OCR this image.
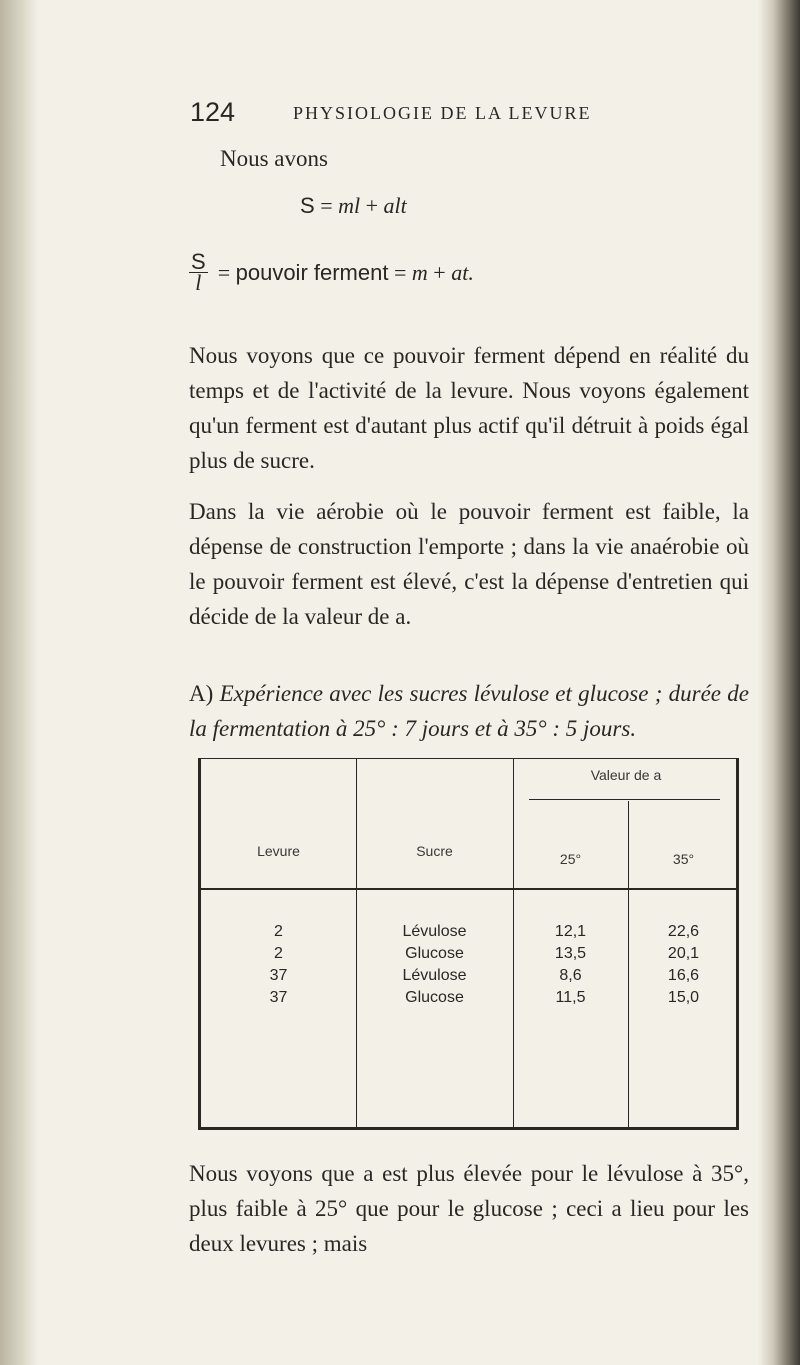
124	PHYSIOLOGIE DE LA LEVURE
Nous avons
S = ml + alt
$\frac{S}{l}$ =
pouvoir ferment
=
m
+
at.

Nous voyons que ce pouvoir ferment dépend en réalité du temps et de l'activité de la levure. Nous voyons également qu'un ferment est d'autant plus actif qu'il détruit à poids égal plus de sucre.

Dans la vie aérobie où le pouvoir ferment est faible, la dépense de construction l'emporte ; dans la vie anaérobie où le pouvoir ferment est élevé, c'est la dépense d'entretien qui décide de la valeur de a.

A) Expérience avec les sucres lévulose et glucose ; durée de la fermentation à 25° : 7 jours et à 35° : 5 jours.

Levure	Sucre
Valeur de a
25°	35°
2	Lévulose	12,1	22,6
2	Glucose	13,5	20,1
37	Lévulose	8,6	16,6
37	Glucose	11,5	15,0

Nous voyons que a est plus élevée pour le lévulose à 35°, plus faible à 25° que pour le glucose ; ceci a lieu pour les deux levures ; mais
